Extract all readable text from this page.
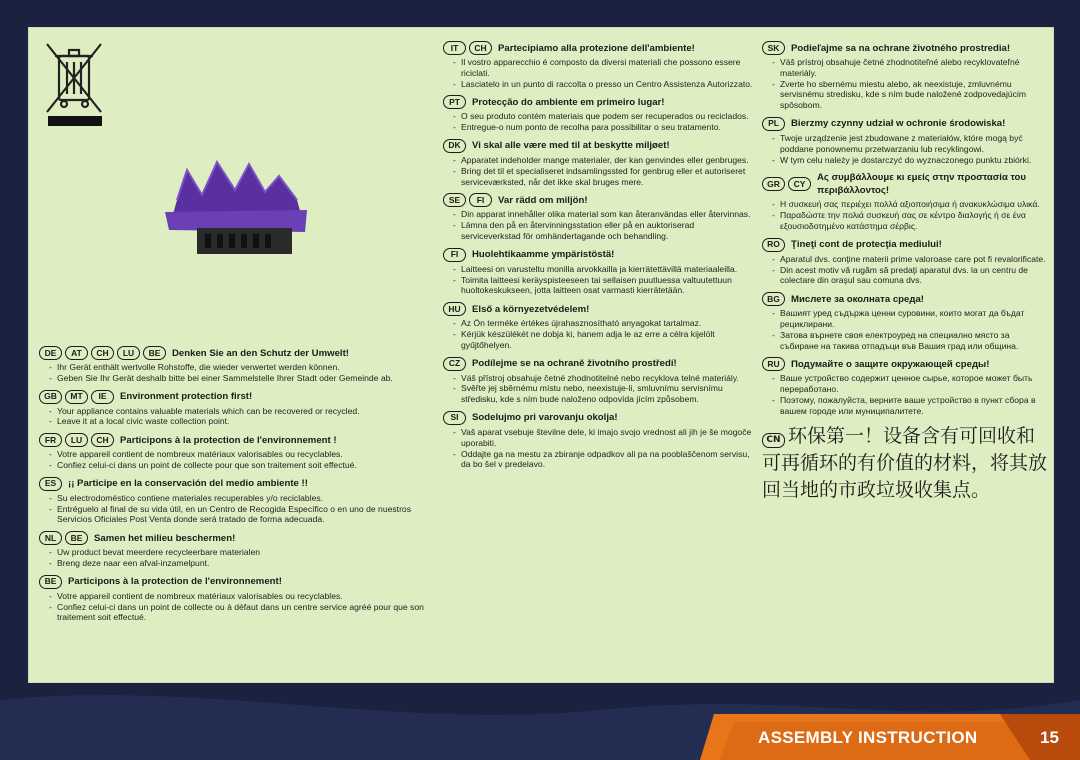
ASSEMBLY INSTRUCTION	15
DE	AT	CH	LU	BE	Denken Sie an den Schutz der Umwelt!
- Ihr Gerät enthält wertvolle Rohstoffe, die wieder verwertet werden können.
- Geben Sie Ihr Gerät deshalb bitte bei einer Sammelstelle Ihrer Stadt oder Gemeinde ab.
GB	MT	IE	Environment protection first!
- Your appliance contains valuable materials which can be recovered or recycled.
- Leave it at a local civic waste collection point.
FR	LU	CH	Participons à la protection de l'environnement !
- Votre appareil contient de nombreux matériaux valorisables ou recyclables.
- Confiez celui-ci dans un point de collecte pour que son traitement soit effectué.
ES	¡¡ Participe en la conservación del medio ambiente !!
- Su electrodoméstico contiene materiales recuperables y/o reciclables.
- Entréguelo al final de su vida útil, en un Centro de Recogida Específico o en uno de nuestros Servicios Oficiales Post Venta donde será tratado de forma adecuada.
NL	BE	Samen het milieu beschermen!
- Uw product bevat meerdere recycleerbare materialen
- Breng deze naar een afval-inzamelpunt.
BE	Participons à la protection de l'environnement!
- Votre appareil contient de nombreux matériaux valorisables ou recyclables.
- Confiez celui-ci dans un point de collecte ou à défaut dans un centre service agréé pour que son traitement soit effectué.
IT	CH	Partecipiamo alla protezione dell'ambiente!
- Il vostro apparecchio é composto da diversi materiali che possono essere riciclati.
- Lasciatelo in un punto di raccolta o presso un Centro Assistenza Autorizzato.
PT	Protecção do ambiente em primeiro lugar!
- O seu produto contém materiais que podem ser recuperados ou reciclados.
- Entregue-o num ponto de recolha para possibilitar o seu tratamento.
DK	Vi skal alle være med til at beskytte miljøet!
- Apparatet indeholder mange materialer, der kan genvindes eller genbruges.
- Bring det til et specialiseret indsamlingssted for genbrug eller et autoriseret serviceværksted, når det ikke skal bruges mere.
SE	FI	Var rädd om miljön!
- Din apparat innehåller olika material som kan återanvändas eller återvinnas.
- Lämna den på en återvinningsstation eller på en auktoriserad serviceverkstad för omhändertagande och behandling.
FI	Huolehtikaamme ympäristöstä!
- Laitteesi on varusteltu monilla arvokkailla ja kierrätettävillä materiaaleilla.
- Toimita laitteesi keräyspisteeseen tai sellaisen puutluessa valtuutettuun huoltokeskukseen, jotta laitteen osat varmasti kierrätetään.
HU	Első a környezetvédelem!
- Az Ön terméke értékes újrahasznosítható anyagokat tartalmaz.
- Kérjük készülékét ne dobja ki, hanem adja le az erre a célra kijelölt gyűjtőhelyen.
CZ	Podílejme se na ochraně životního prostředí!
- Váš přístroj obsahuje četné zhodnotitelné nebo recyklova telné materiály.
- Svěřte jej sběrnému místu nebo, neexistuje-li, smluvnímu servisnímu středisku, kde s ním bude naloženo odpovída jícím způsobem.
SI	Sodelujmo pri varovanju okolja!
- Vaš aparat vsebuje številne dele, ki imajo svojo vrednost ali jih je še mogoče uporabiti.
- Oddajte ga na mestu za zbiranje odpadkov ali pa na pooblaščenom servisu, da bo šel v predelavo.
SK	Podieľajme sa na ochrane životného prostredia!
- Váš prístroj obsahuje četné zhodnotiteľné alebo recyklovateľné materiály.
- Zverte ho sbernému miestu alebo, ak neexistuje, zmluvnému servisnému stredisku, kde s ním bude naložené zodpovedajúcim spôsobom.
PL	Bierzmy czynny udział w ochronie środowiska!
- Twoje urządzenie jest zbudowane z materiałów, które mogą być poddane ponownemu przetwarzaniu lub recyklingowi.
- W tym celu należy je dostarczyć do wyznaczonego punktu zbiórki.
GR	CY
Ας συμβάλλουμε κι εμείς στην προστασία του περιβάλλοντος!
- Η συσκευή σας περιέχει πολλά αξιοποιήσιμα ή ανακυκλώσιμα υλικά.
- Παραδώστε την πολιά συσκευή σας σε κέντρο διαλογής ή σε ένα εξουσιοδοτημένο κατάστημα σέρβις.
RO	Ţineţi cont de protecţia mediului!
- Aparatul dvs. conţine materii prime valoroase care pot fi revalorificate.
- Din acest motiv vă rugăm să predaţi aparatul dvs. la un centru de colectare din oraşul sau comuna dvs.
BG	Мислете за околната среда!
- Вашият уред съдържа ценни суровини, които могат да бъдат рециклирани.
- Затова върнете своя електроуред на специално място за събиране на такива отпадъци във Вашия град или община.
RU	Подумайте о защите окружающей среды!
- Ваше устройство содержит ценное сырье, которое может быть переработано.
- Поэтому, пожалуйста, верните ваше устройство в пункт сбора в вашем городе или муниципалитете.
CN 环保第一！设备含有可回收和可再循环的有价值的材料，将其放回当地的市政垃圾收集点。
